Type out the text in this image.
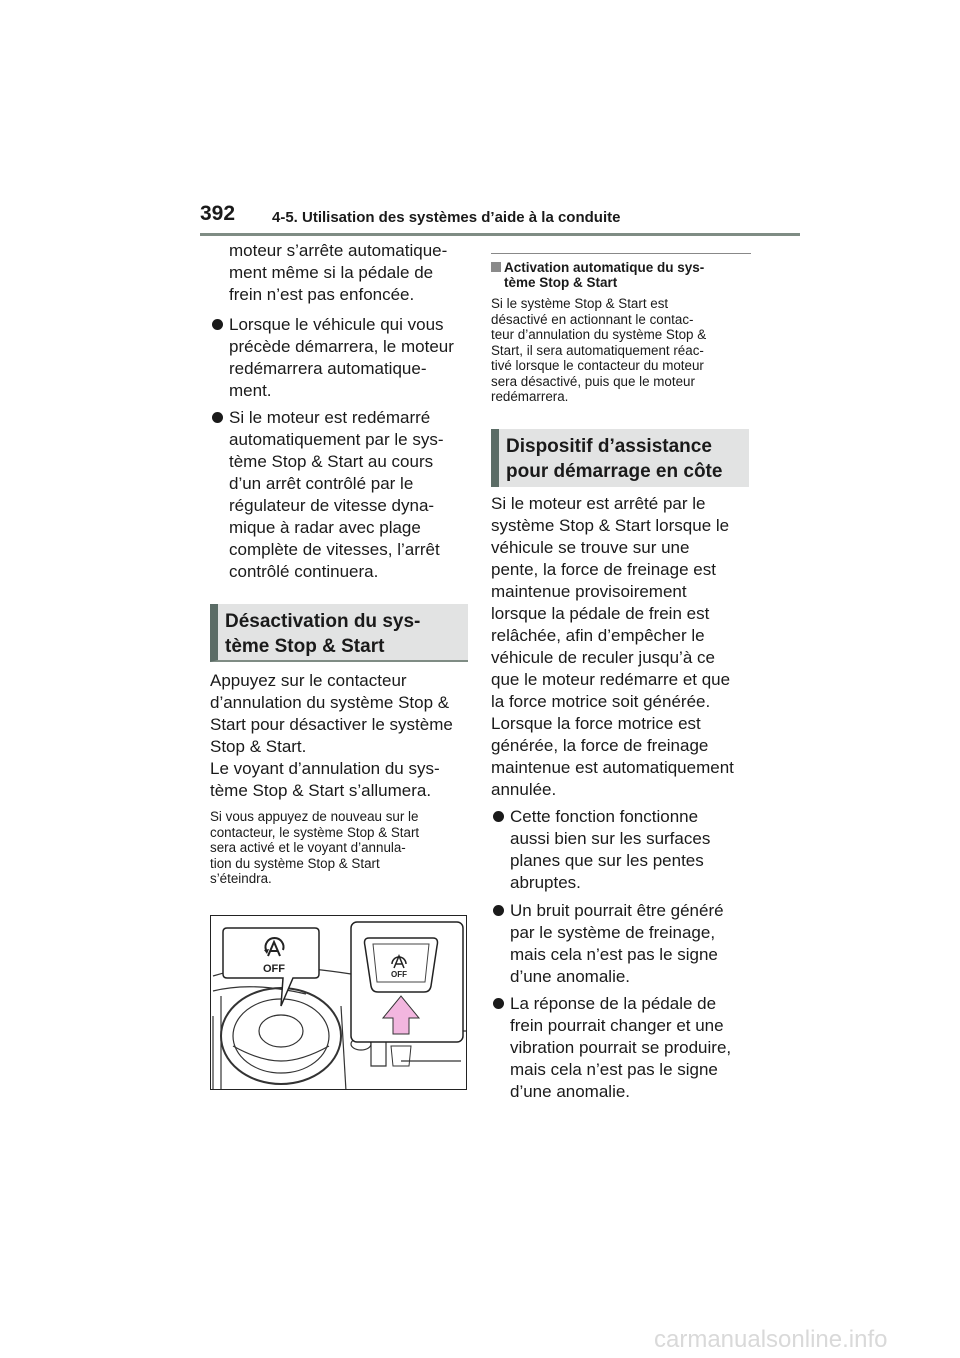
392 4-5. Utilisation des systèmes d’aide à la conduite
moteur s’arrête automatique-
ment même si la pédale de
frein n’est pas enfoncée.
Lorsque le véhicule qui vous
précède démarrera, le moteur
redémarrera automatique-
ment.
Si le moteur est redémarré
automatiquement par le sys-
tème Stop & Start au cours
d’un arrêt contrôlé par le
régulateur de vitesse dyna-
mique à radar avec plage
complète de vitesses, l’arrêt
contrôlé continuera.
Désactivation du sys-
tème Stop & Start
Appuyez sur le contacteur
d’annulation du système Stop &
Start pour désactiver le système
Stop & Start.
Le voyant d’annulation du sys-
tème Stop & Start s’allumera.
Si vous appuyez de nouveau sur le
contacteur, le système Stop & Start
sera activé et le voyant d’annula-
tion du système Stop & Start
s’éteindra.
OFF	OFF
Activation automatique du sys-
tème Stop & Start
Si le système Stop & Start est
désactivé en actionnant le contac-
teur d’annulation du système Stop &
Start, il sera automatiquement réac-
tivé lorsque le contacteur du moteur
sera désactivé, puis que le moteur
redémarrera.
Dispositif d’assistance
pour démarrage en côte
Si le moteur est arrêté par le
système Stop & Start lorsque le
véhicule se trouve sur une
pente, la force de freinage est
maintenue provisoirement
lorsque la pédale de frein est
relâchée, afin d’empêcher le
véhicule de reculer jusqu’à ce
que le moteur redémarre et que
la force motrice soit générée.
Lorsque la force motrice est
générée, la force de freinage
maintenue est automatiquement
annulée.
Cette fonction fonctionne
aussi bien sur les surfaces
planes que sur les pentes
abruptes.
Un bruit pourrait être généré
par le système de freinage,
mais cela n’est pas le signe
d’une anomalie.
La réponse de la pédale de
frein pourrait changer et une
vibration pourrait se produire,
mais cela n’est pas le signe
d’une anomalie.
carmanualsonline.info
